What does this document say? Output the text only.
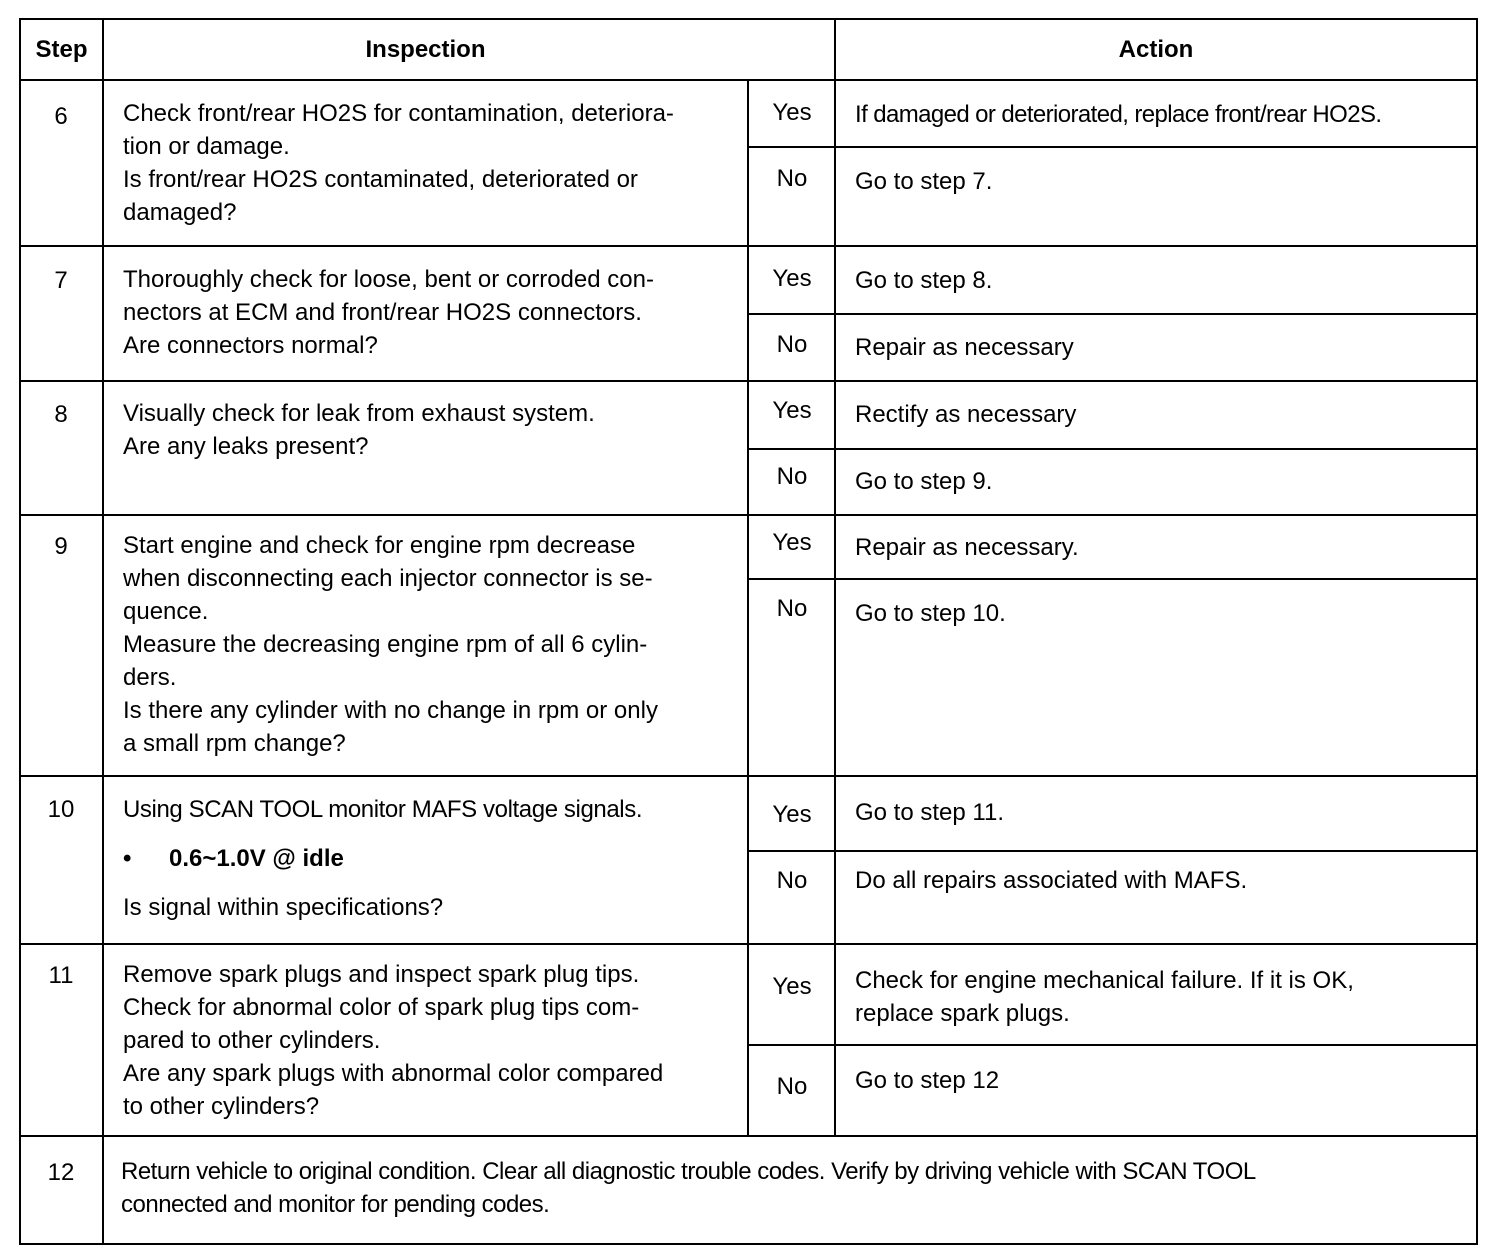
Step	Inspection	Action
6	Check front/rear HO2S for contamination, deteriora-
tion or damage.
Is front/rear HO2S contaminated, deteriorated or
damaged?
Yes	If damaged or deteriorated, replace front/rear HO2S.
No	Go to step 7.
7	Thoroughly check for loose, bent or corroded con-
nectors at ECM and front/rear HO2S connectors.
Are connectors normal?
Yes	Go to step 8.
No	Repair as necessary
8	Visually check for leak from exhaust system.
Are any leaks present?
Yes	Rectify as necessary
No	Go to step 9.
9	Start engine and check for engine rpm decrease
when disconnecting each injector connector is se-
quence.
Measure the decreasing engine rpm of all 6 cylin-
ders.
Is there any cylinder with no change in rpm or only
a small rpm change?
Yes	Repair as necessary.
No	Go to step 10.
10	Using SCAN TOOL monitor MAFS voltage signals.
• 0.6~1.0V @ idle
Is signal within specifications?
Yes	Go to step 11.
No	Do all repairs associated with MAFS.
11	Remove spark plugs and inspect spark plug tips.
Check for abnormal color of spark plug tips com-
pared to other cylinders.
Are any spark plugs with abnormal color compared
to other cylinders?
Yes	Check for engine mechanical failure. If it is OK,
replace spark plugs.
No	Go to step 12
12	Return vehicle to original condition. Clear all diagnostic trouble codes. Verify by driving vehicle with SCAN TOOL
connected and monitor for pending codes.
